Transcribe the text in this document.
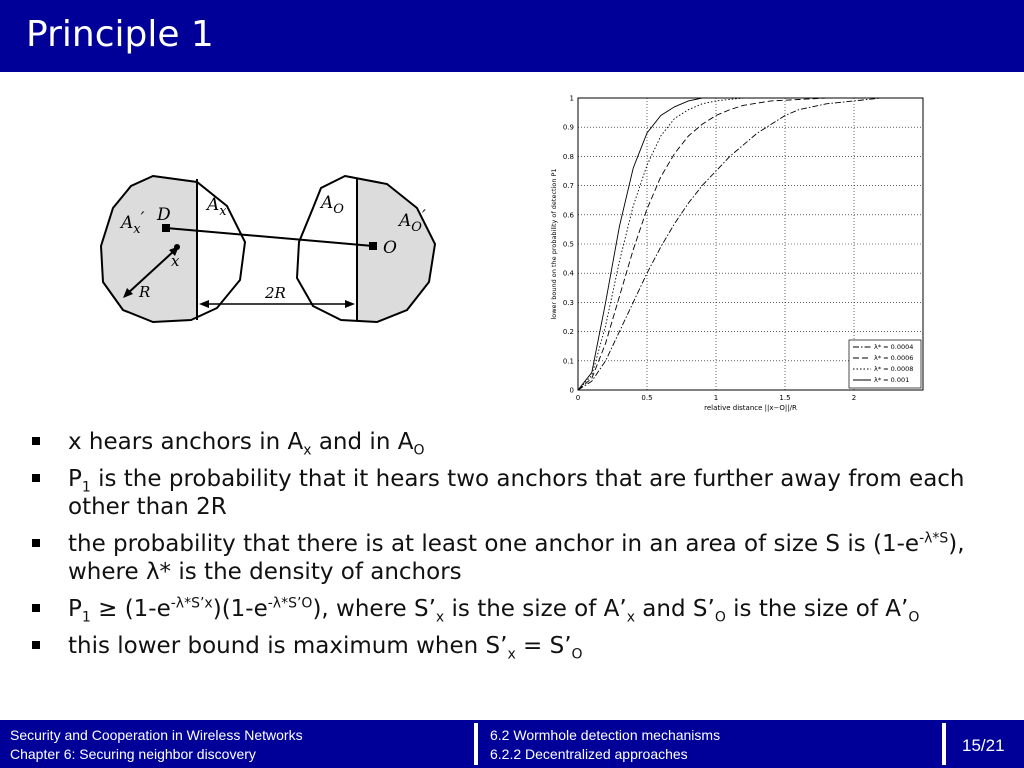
Principle 1
$A_x'$ D $A_x$
x
R	2R
$A_O$
$A_O'$
O
0
0.1
0.2
0.3
0.4
0.5
0.6
0.7
0.8
0.9
1
0	0.5	1	1.5	2
relative distance ||x−O||/R
lower bound on the probability of detection P1
λ* = 0.0004
λ* = 0.0006
λ* = 0.0008
λ* = 0.001
x hears anchors in $A_x$ and in $A_O$
$P_1$ is the probability that it hears two anchors that are further away from each other than 2R
the probability that there is at least one anchor in an area of size S is $(1-e^{-\lambda*S})$, where λ* is the density of anchors
$P_1 \ge (1-e^{-\lambda*S’x})(1-e^{-\lambda*S’O})$, where $S’_x$ is the size of $A’_x$ and $S’_O$ is the size of $A’_O$
this lower bound is maximum when $S’_x$ = $S’_O$
Security and Cooperation in Wireless Networks
Chapter 6: Securing neighbor discovery
6.2 Wormhole detection mechanisms
6.2.2 Decentralized approaches	15/21
